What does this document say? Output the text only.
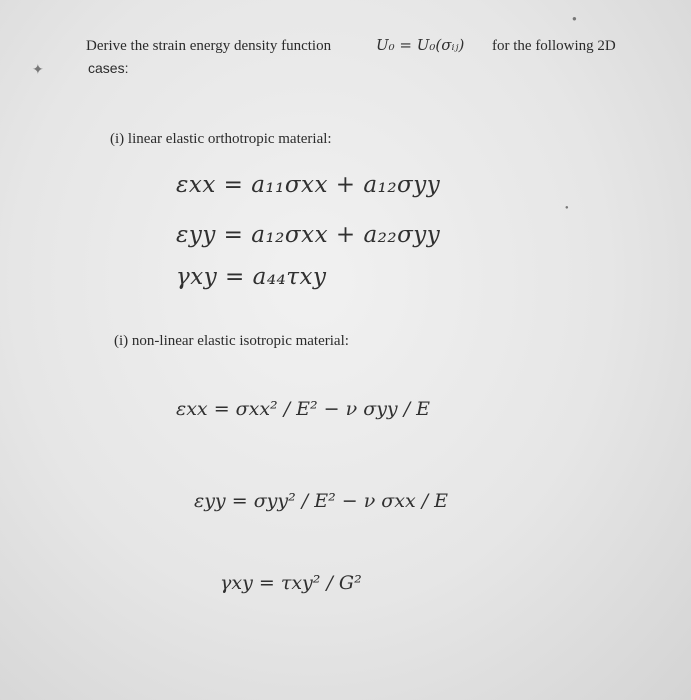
✦
●
●
Derive the strain energy density function	U₀ = U₀(σᵢⱼ) for the following 2D
cases:
(i) linear elastic orthotropic material:
εxx = a₁₁σxx + a₁₂σyy
εyy = a₁₂σxx + a₂₂σyy
γxy = a₄₄τxy
(i) non-linear elastic isotropic material:
εxx = σxx² / E² − ν σyy / E
εyy = σyy² / E² − ν σxx / E
γxy = τxy² / G²
